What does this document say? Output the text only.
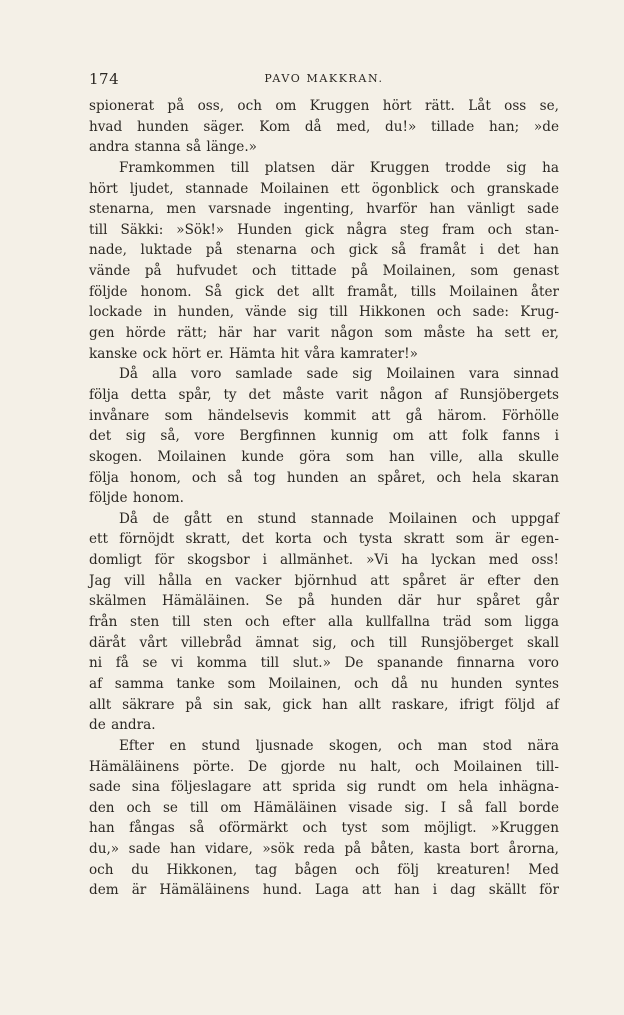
174	PAVO MAKKRAN.
spionerat på oss, och om Kruggen hört rätt. Låt oss se,
hvad hunden säger. Kom då med, du!» tillade han; »de
andra stanna så länge.»
Framkommen till platsen där Kruggen trodde sig ha
hört ljudet, stannade Moilainen ett ögonblick och granskade
stenarna, men varsnade ingenting, hvarför han vänligt sade
till Säkki: »Sök!» Hunden gick några steg fram och stan-
nade, luktade på stenarna och gick så framåt i det han
vände på hufvudet och tittade på Moilainen, som genast
följde honom. Så gick det allt framåt, tills Moilainen åter
lockade in hunden, vände sig till Hikkonen och sade: Krug-
gen hörde rätt; här har varit någon som måste ha sett er,
kanske ock hört er. Hämta hit våra kamrater!»
Då alla voro samlade sade sig Moilainen vara sinnad
följa detta spår, ty det måste varit någon af Runsjöbergets
invånare som händelsevis kommit att gå härom. Förhölle
det sig så, vore Bergfinnen kunnig om att folk fanns i
skogen. Moilainen kunde göra som han ville, alla skulle
följa honom, och så tog hunden an spåret, och hela skaran
följde honom.
Då de gått en stund stannade Moilainen och uppgaf
ett förnöjdt skratt, det korta och tysta skratt som är egen-
domligt för skogsbor i allmänhet. »Vi ha lyckan med oss!
Jag vill hålla en vacker björnhud att spåret är efter den
skälmen Hämäläinen. Se på hunden där hur spåret går
från sten till sten och efter alla kullfallna träd som ligga
däråt vårt villebråd ämnat sig, och till Runsjöberget skall
ni få se vi komma till slut.» De spanande finnarna voro
af samma tanke som Moilainen, och då nu hunden syntes
allt säkrare på sin sak, gick han allt raskare, ifrigt följd af
de andra.
Efter en stund ljusnade skogen, och man stod nära
Hämäläinens pörte. De gjorde nu halt, och Moilainen till-
sade sina följeslagare att sprida sig rundt om hela inhägna-
den och se till om Hämäläinen visade sig. I så fall borde
han fångas så oförmärkt och tyst som möjligt. »Kruggen
du,» sade han vidare, »sök reda på båten, kasta bort årorna,
och du Hikkonen, tag bågen och följ kreaturen! Med
dem är Hämäläinens hund. Laga att han i dag skällt för
